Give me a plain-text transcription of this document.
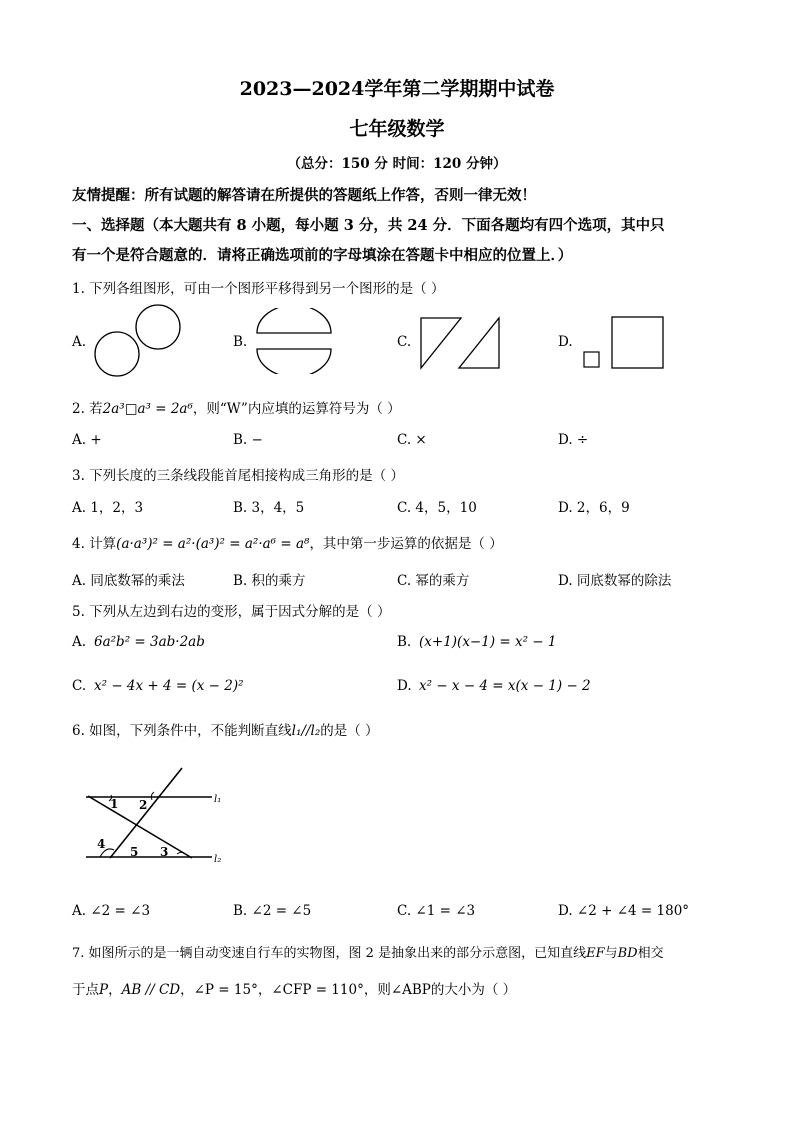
2023—2024学年第二学期期中试卷
七年级数学
（总分：150 分 时间：120 分钟）
友情提醒：所有试题的解答请在所提供的答题纸上作答，否则一律无效！
一、选择题（本大题共有 8 小题，每小题 3 分，共 24 分．下面各题均有四个选项，其中只
有一个是符合题意的．请将正确选项前的字母填涂在答题卡中相应的位置上．）
1. 下列各组图形，可由一个图形平移得到另一个图形的是（ ）
A.	B.	C.	D.
2. 若2a³□a³ = 2a⁶，则“W”内应填的运算符号为（ ）
A. +	B. −	C. ×	D. ÷
3. 下列长度的三条线段能首尾相接构成三角形的是（ ）
A. 1，2，3	B. 3，4，5	C. 4，5，10	D. 2，6，9
4. 计算(a·a³)² = a²·(a³)² = a²·a⁶ = a⁸，其中第一步运算的依据是（ ）
A. 同底数幂的乘法	B. 积的乘方	C. 幂的乘方	D. 同底数幂的除法
5. 下列从左边到右边的变形，属于因式分解的是（ ）
A. 6a²b² = 3ab·2ab	B. (x+1)(x−1) = x² − 1
C. x² − 4x + 4 = (x − 2)²	D. x² − x − 4 = x(x − 1) − 2
6. 如图，下列条件中，不能判断直线l₁//l₂的是（ ）
1 2
3
4
5
l₁
l₂
A. ∠2 = ∠3	B. ∠2 = ∠5	C. ∠1 = ∠3	D. ∠2 + ∠4 = 180°
7. 如图所示的是一辆自动变速自行车的实物图，图 2 是抽象出来的部分示意图，已知直线EF与BD相交
于点P，AB // CD，∠P = 15°，∠CFP = 110°，则∠ABP的大小为（ ）
